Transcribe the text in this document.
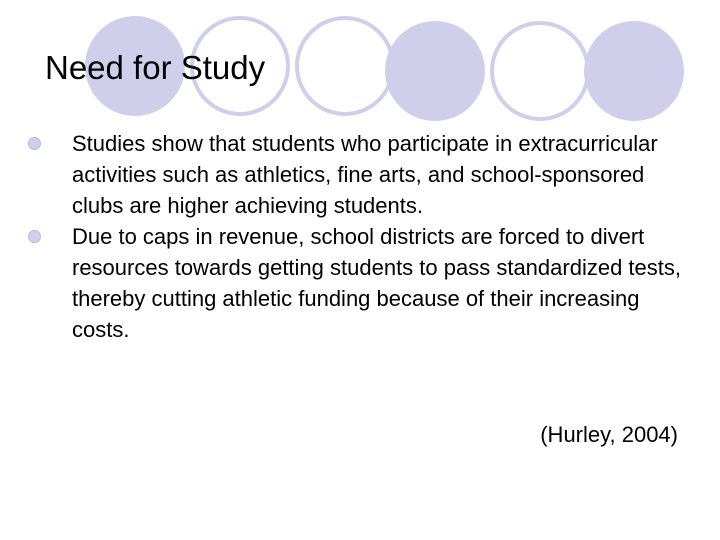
Need for Study
Studies show that students who participate in extracurricular activities such as athletics, fine arts, and school-sponsored clubs are higher achieving students.
Due to caps in revenue, school districts are forced to divert resources towards getting students to pass standardized tests, thereby cutting athletic funding because of their increasing costs.
(Hurley, 2004)
